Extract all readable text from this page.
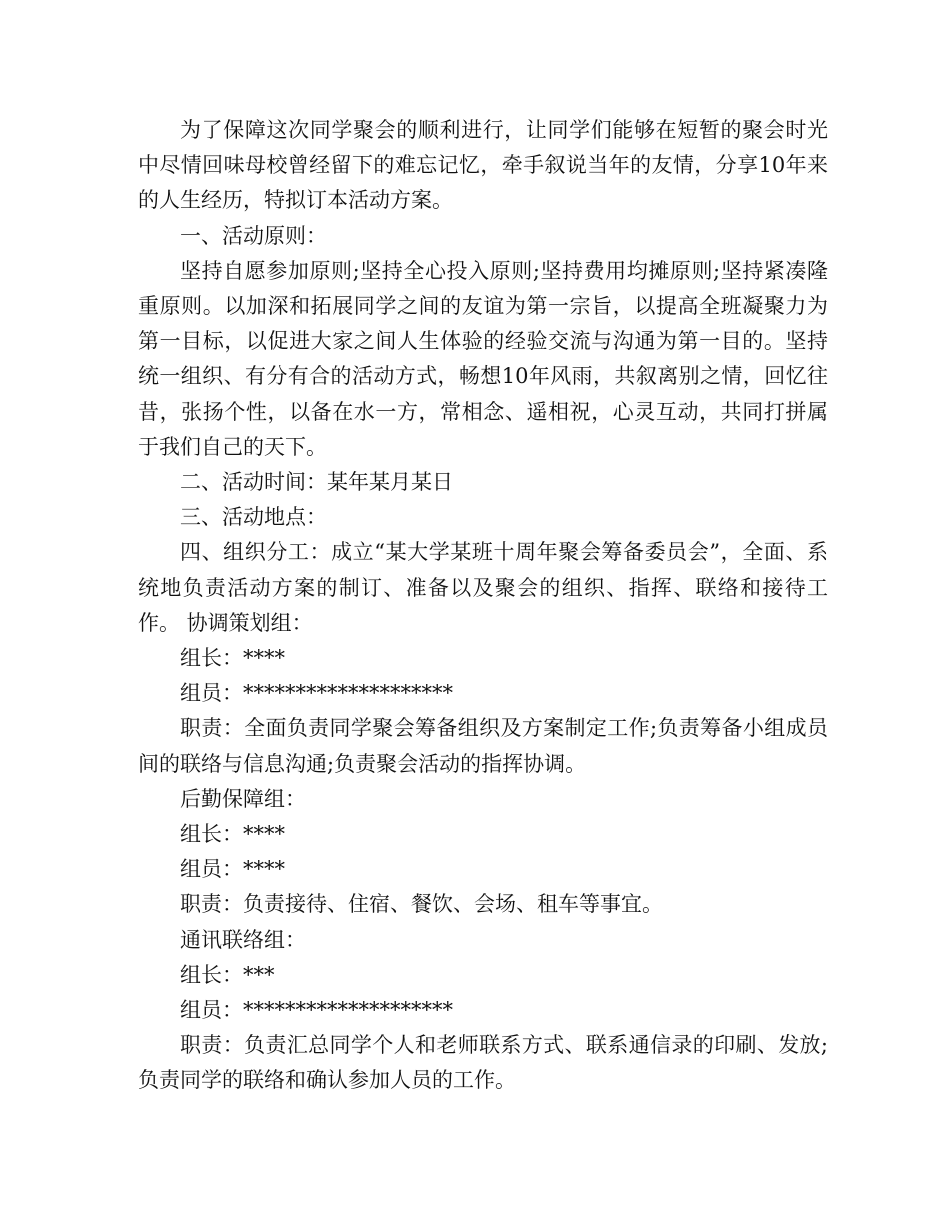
为了保障这次同学聚会的顺利进行，让同学们能够在短暂的聚会时光中尽情回味母校曾经留下的难忘记忆，牵手叙说当年的友情，分享10年来的人生经历，特拟订本活动方案。

一、活动原则：

坚持自愿参加原则;坚持全心投入原则;坚持费用均摊原则;坚持紧凑隆重原则。以加深和拓展同学之间的友谊为第一宗旨，以提高全班凝聚力为第一目标，以促进大家之间人生体验的经验交流与沟通为第一目的。坚持统一组织、有分有合的活动方式，畅想10年风雨，共叙离别之情，回忆往昔，张扬个性，以备在水一方，常相念、遥相祝，心灵互动，共同打拼属于我们自己的天下。

二、活动时间：某年某月某日

三、活动地点：

四、组织分工：成立“某大学某班十周年聚会筹备委员会”，全面、系统地负责活动方案的制订、准备以及聚会的组织、指挥、联络和接待工作。 协调策划组：

组长：****

组员：********************

职责：全面负责同学聚会筹备组织及方案制定工作;负责筹备小组成员间的联络与信息沟通;负责聚会活动的指挥协调。

后勤保障组：

组长：****

组员：****

职责：负责接待、住宿、餐饮、会场、租车等事宜。

通讯联络组：

组长：***

组员：********************

职责：负责汇总同学个人和老师联系方式、联系通信录的印刷、发放;负责同学的联络和确认参加人员的工作。
